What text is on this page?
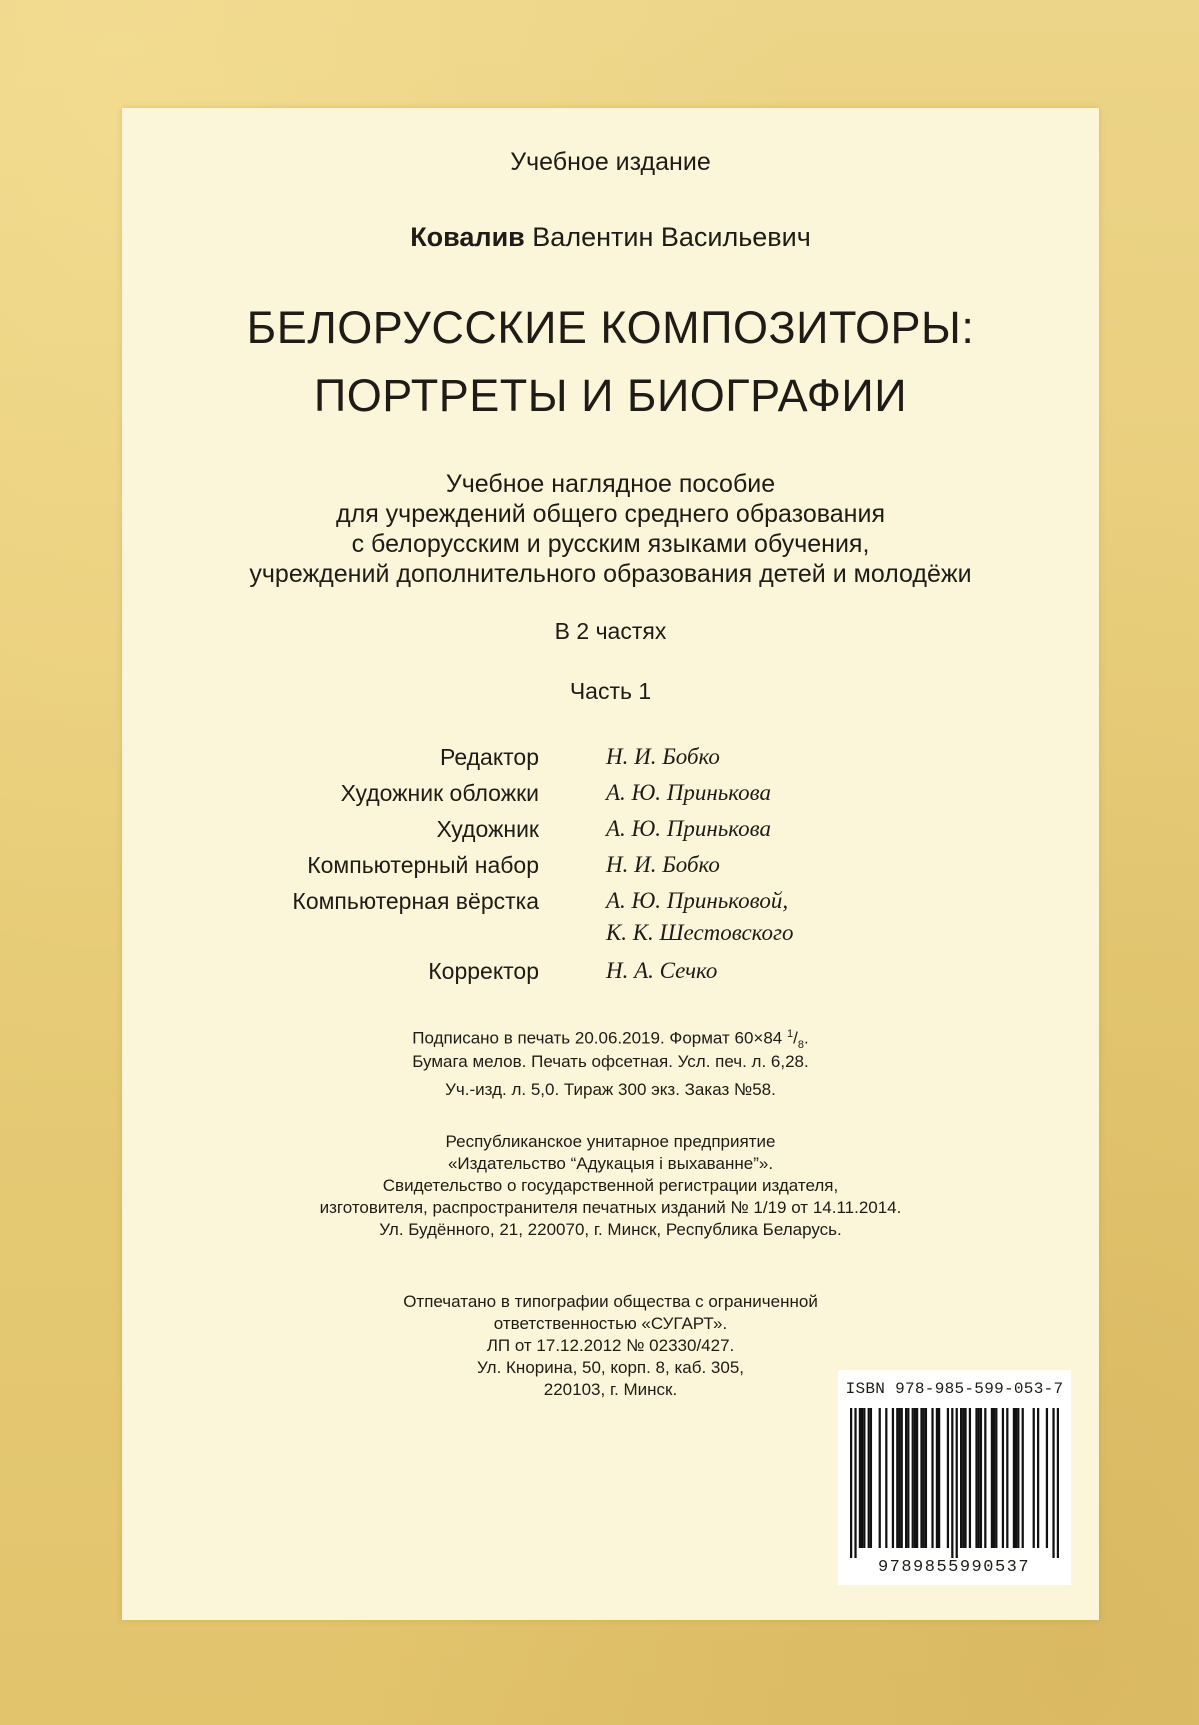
Учебное издание

Ковалив Валентин Васильевич

БЕЛОРУССКИЕ КОМПОЗИТОРЫ:

ПОРТРЕТЫ И БИОГРАФИИ

Учебное наглядное пособие

для учреждений общего среднего образования

с белорусским и русским языками обучения,

учреждений дополнительного образования детей и молодёжи

В 2 частях

Часть 1

Редактор	Н. И. Бобко
Художник обложки	А. Ю. Принькова
Художник	А. Ю. Принькова
Компьютерный набор	Н. И. Бобко
Компьютерная вёрстка	А. Ю. Приньковой,
К. К. Шестовского
Корректор	Н. А. Сечко

Подписано в печать 20.06.2019. Формат 60×84 $^1/_8$.

Бумага мелов. Печать офсетная. Усл. печ. л. 6,28.

Уч.-изд. л. 5,0. Тираж 300 экз. Заказ №58.

Республиканское унитарное предприятие

«Издательство “Адукацыя і выхаванне”».

Свидетельство о государственной регистрации издателя,

изготовителя, распространителя печатных изданий № 1/19 от 14.11.2014.

Ул. Будённого, 21, 220070, г. Минск, Республика Беларусь.

Отпечатано в типографии общества с ограниченной

ответственностью «СУГАРТ».

ЛП от 17.12.2012 № 02330/427.

Ул. Кнорина, 50, корп. 8, каб. 305,

220103, г. Минск.	ISBN 978-985-599-053-7
9789855990537
